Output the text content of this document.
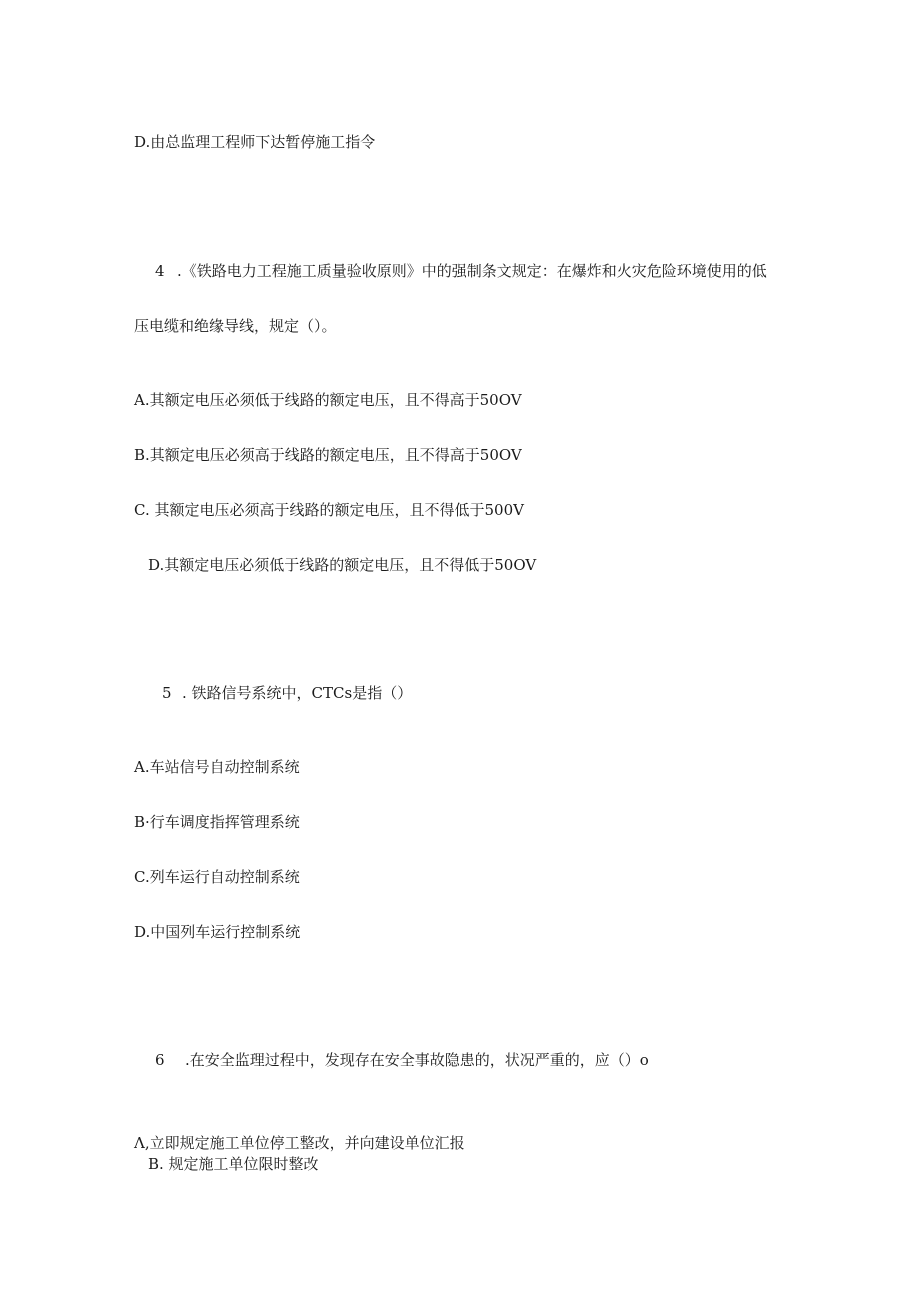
D.由总监理工程师下达暂停施工指令
4 .《铁路电力工程施工质量验收原则》中的强制条文规定：在爆炸和火灾危险环境使用的低
压电缆和绝缘导线，规定（）。
A.其额定电压必须低于线路的额定电压，且不得高于50OV
B.其额定电压必须高于线路的额定电压，且不得高于50OV
C. 其额定电压必须高于线路的额定电压，且不得低于500V
D.其额定电压必须低于线路的额定电压，且不得低于50OV
5 . 铁路信号系统中，CTCs是指（）
A.车站信号自动控制系统
B·行车调度指挥管理系统
C.列车运行自动控制系统
D.中国列车运行控制系统
6 .在安全监理过程中，发现存在安全事故隐患的，状况严重的，应（）o
Λ,立即规定施工单位停工整改，并向建设单位汇报
B. 规定施工单位限时整改
